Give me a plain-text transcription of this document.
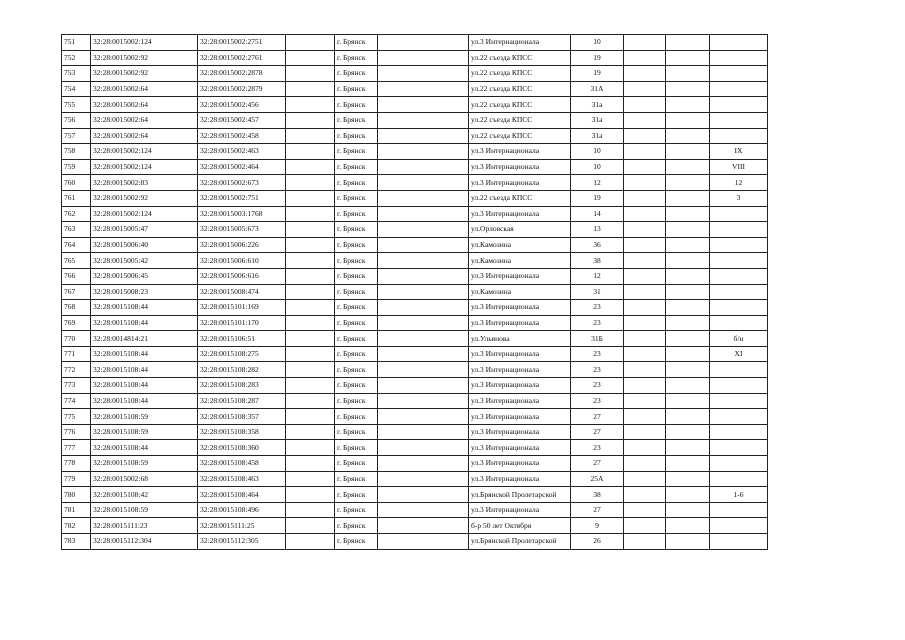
751	32:28:0015002:124	32:28:0015002:2751		г. Брянск		ул.3 Интернационала	10			
752	32:28:0015002:92	32:28:0015002:2761		г. Брянск		ул.22 съезда КПСС	19			
753	32:28:0015002:92	32:28:0015002:2878		г. Брянск		ул.22 съезда КПСС	19			
754	32:28:0015002:64	32:28:0015002:2879		г. Брянск		ул.22 съезда КПСС	31А			
755	32:28:0015002:64	32:28:0015002:456		г. Брянск		ул.22 съезда КПСС	31а			
756	32:28:0015002:64	32:28:0015002:457		г. Брянск		ул.22 съезда КПСС	31а			
757	32:28:0015002:64	32:28:0015002:458		г. Брянск		ул.22 съезда КПСС	31а			
758	32:28:0015002:124	32:28:0015002:463		г. Брянск		ул.3 Интернационала	10			IX
759	32:28:0015002:124	32:28:0015002:464		г. Брянск		ул.3 Интернационала	10			VIII
760	32:28:0015002:83	32:28:0015002:673		г. Брянск		ул.3 Интернационала	12			12
761	32:28:0015002:92	32:28:0015002:751		г. Брянск		ул.22 съезда КПСС	19			3
762	32:28:0015002:124	32:28:0015003:1768		г. Брянск		ул.3 Интернационала	14			
763	32:28:0015005:47	32:28:0015005:673		г. Брянск		ул.Орловская	13			
764	32:28:0015006:40	32:28:0015006:226		г. Брянск		ул.Камозина	36			
765	32:28:0015005:42	32:28:0015006:610		г. Брянск		ул.Камозина	38			
766	32:28:0015006:45	32:28:0015006:616		г. Брянск		ул.3 Интернационала	12			
767	32:28:0015008:23	32:28:0015008:474		г. Брянск		ул.Камозина	31			
768	32:28:0015108:44	32:28:0015101:169		г. Брянск		ул.3 Интернационала	23			
769	32:28:0015108:44	32:28:0015101:170		г. Брянск		ул.3 Интернационала	23			
770	32:28:0014814:21	32:28:0015106:51		г. Брянск		ул.Ульянова	31Б			б/н
771	32:28:0015108:44	32:28:0015108:275		г. Брянск		ул.3 Интернационала	23			XI
772	32:28:0015108:44	32:28:0015108:282		г. Брянск		ул.3 Интернационала	23			
773	32:28:0015108:44	32:28:0015108:283		г. Брянск		ул.3 Интернационала	23			
774	32:28:0015108:44	32:28:0015108:287		г. Брянск		ул.3 Интернационала	23			
775	32:28:0015108:59	32:28:0015108:357		г. Брянск		ул.3 Интернационала	27			
776	32:28:0015108:59	32:28:0015108:358		г. Брянск		ул.3 Интернационала	27			
777	32:28:0015108:44	32:28:0015108:360		г. Брянск		ул.3 Интернационала	23			
778	32:28:0015108:59	32:28:0015108:458		г. Брянск		ул.3 Интернационала	27			
779	32:28:0015002:68	32:28:0015108:463		г. Брянск		ул.3 Интернационала	25А			
780	32:28:0015108:42	32:28:0015108:464		г. Брянск		ул.Брянской Пролетарской	38			1-6
781	32:28:0015108:59	32:28:0015108:496		г. Брянск		ул.3 Интернационала	27			
782	32:28:0015111:23	32:28:0015111:25		г. Брянск		б-р 50 лет Октября	9			
783	32:28:0015112:304	32:28:0015112:305		г. Брянск		ул.Брянской Пролетарской	26			
